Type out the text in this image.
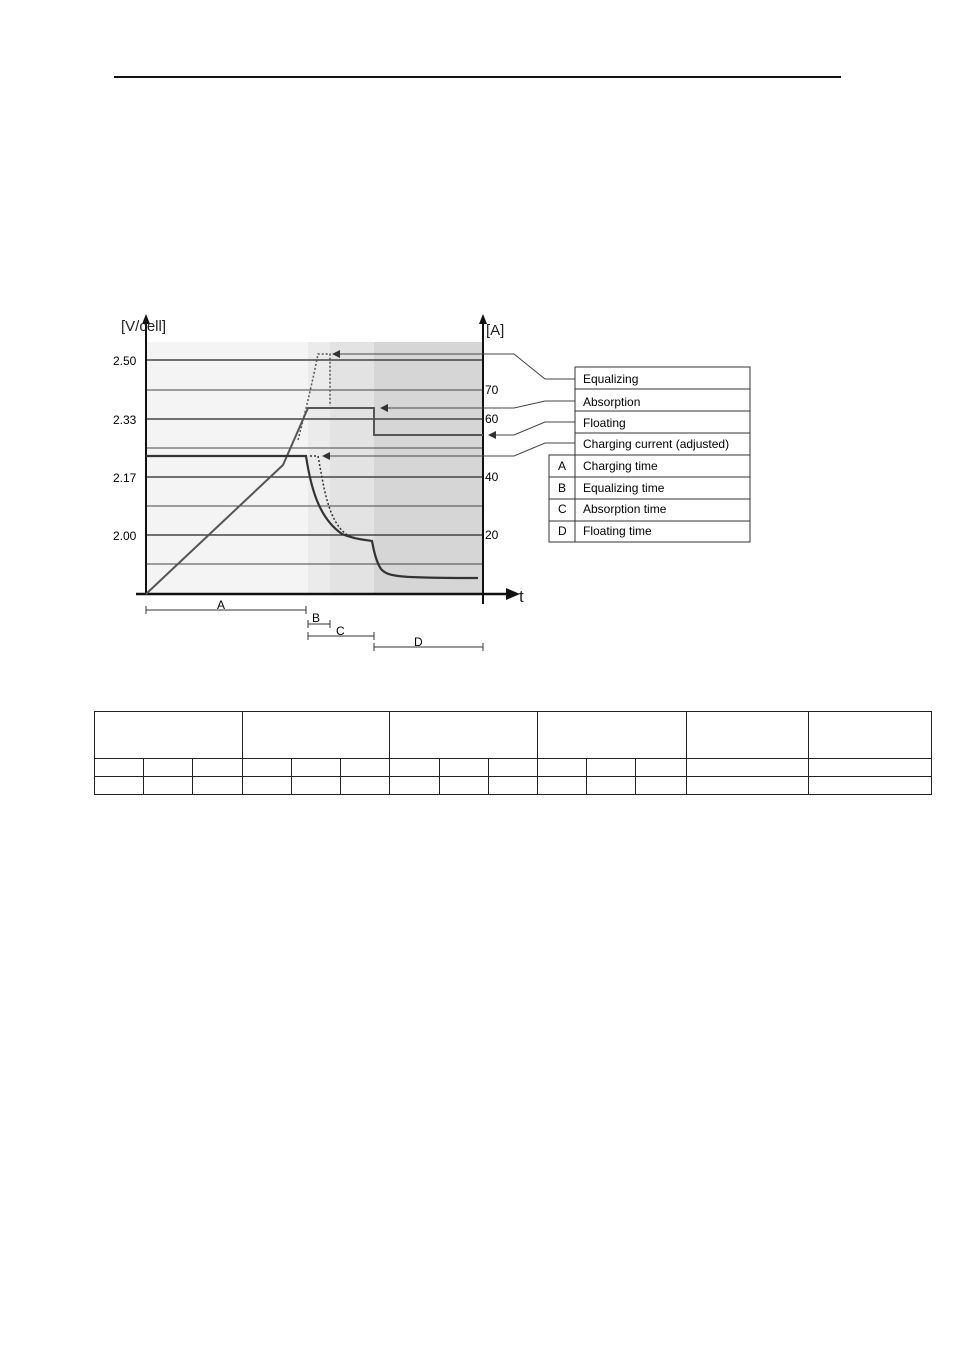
[V/cell]	[A]
t
2.50
2.33
2.17
2.00
70
60
40
20
A
B
C
D
Equalizing
Absorption
Floating
Charging current (adjusted)
A Charging time
B Equalizing time
C Absorption time
D Floating time
